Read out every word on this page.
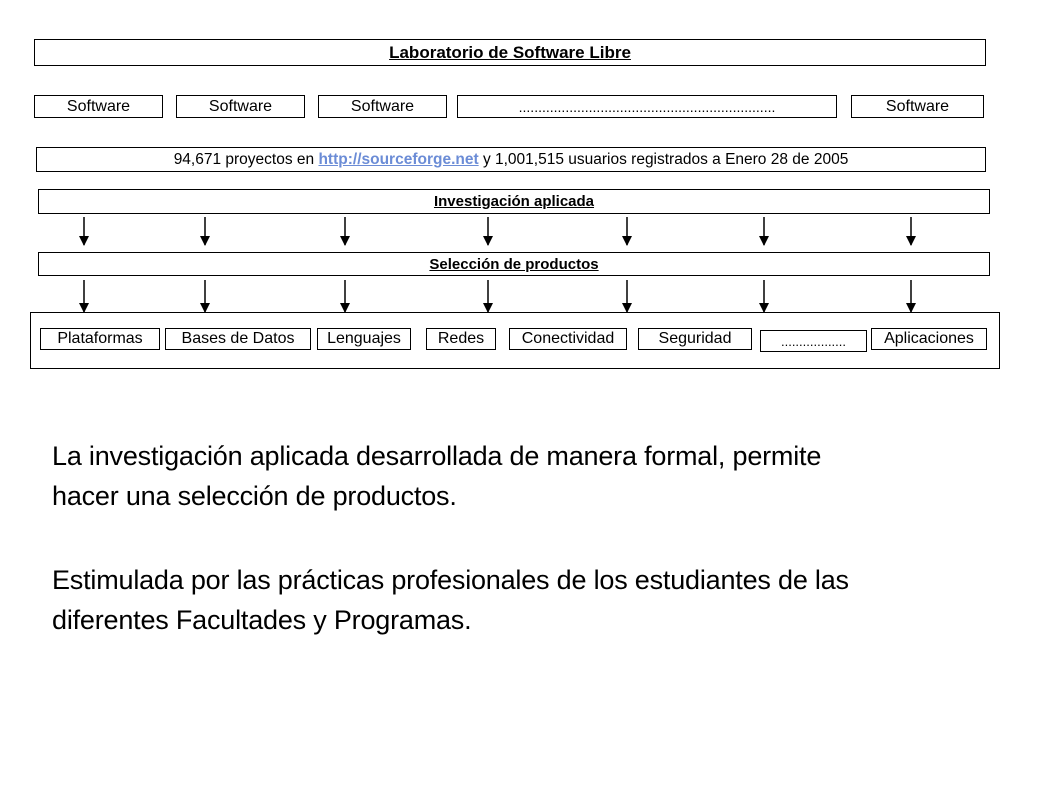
Laboratorio de Software Libre
Software	Software	Software	..................................................................	Software
94,671 proyectos en http://sourceforge.net y 1,001,515 usuarios registrados a Enero 28 de 2005
Investigación aplicada
Selección de productos
Plataformas	Bases de Datos	Lenguajes	Redes	Conectividad	Seguridad	..................	Aplicaciones

La investigación aplicada desarrollada de manera formal, permite hacer una selección de productos.

Estimulada por las prácticas profesionales de los estudiantes de las diferentes Facultades y Programas.
